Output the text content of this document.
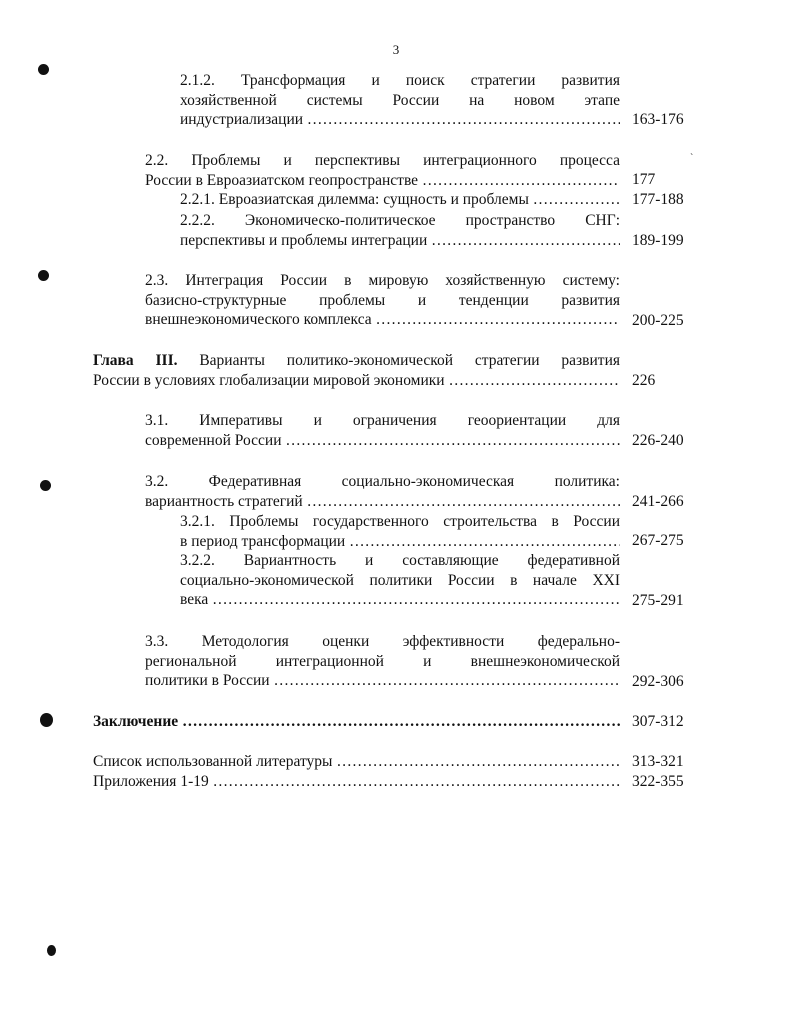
3
`
2.1.2. Трансформация и поиск стратегии развития
хозяйственной системы России на новом этапе
индустриализации ………………………………………………………………………………………………………………………………	163-176
2.2. Проблемы и перспективы интеграционного процесса
России в Евроазиатском геопространстве ………………………………………………………………………………………………………………………………	177
2.2.1. Евроазиатская дилемма: сущность и проблемы ………………………………………………………………………………………………………………………………	177-188
2.2.2. Экономическо-политическое пространство СНГ:
перспективы и проблемы интеграции ………………………………………………………………………………………………………………………………	189-199
2.3. Интеграция России в мировую хозяйственную систему:
базисно-структурные проблемы и тенденции развития
внешнеэкономического комплекса ………………………………………………………………………………………………………………………………	200-225
Глава III. Варианты политико-экономической стратегии развития
России в условиях глобализации мировой экономики ………………………………………………………………………………………………………………………………	226
3.1. Императивы и ограничения геоориентации для
современной России ………………………………………………………………………………………………………………………………	226-240
3.2. Федеративная социально-экономическая политика:
вариантность стратегий ………………………………………………………………………………………………………………………………	241-266
3.2.1. Проблемы государственного строительства в России
в период трансформации ………………………………………………………………………………………………………………………………	267-275
3.2.2. Вариантность и составляющие федеративной
социально-экономической политики России в начале XXI
века ………………………………………………………………………………………………………………………………	275-291
3.3. Методология оценки эффективности федерально-
региональной интеграционной и внешнеэкономической
политики в России ………………………………………………………………………………………………………………………………	292-306
Заключение ………………………………………………………………………………………………………………………………	307-312
Список использованной литературы ………………………………………………………………………………………………………………………………	313-321
Приложения 1-19 ………………………………………………………………………………………………………………………………	322-355
